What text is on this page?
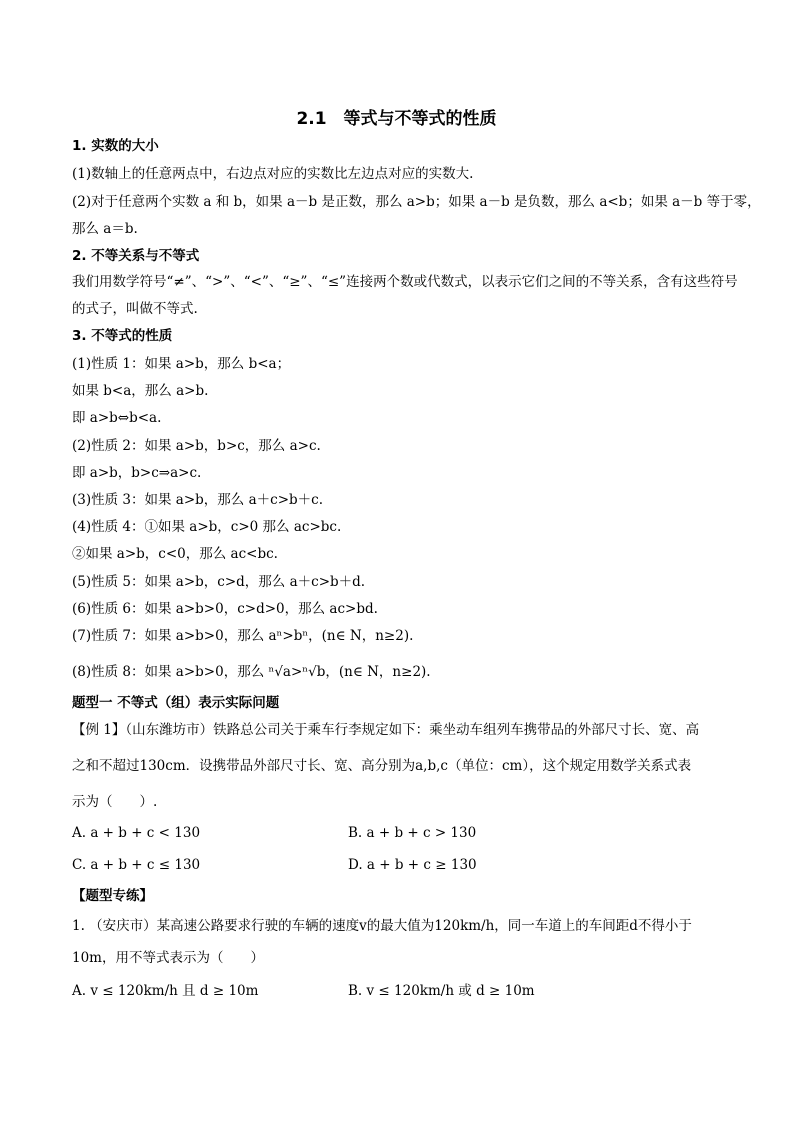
2.1　等式与不等式的性质
1. 实数的大小
(1)数轴上的任意两点中，右边点对应的实数比左边点对应的实数大.
(2)对于任意两个实数 a 和 b，如果 a－b 是正数，那么 a>b；如果 a－b 是负数，那么 a<b；如果 a－b 等于零，
那么 a＝b.
2. 不等关系与不等式
我们用数学符号“≠”、“>”、“<”、“≥”、“≤”连接两个数或代数式，以表示它们之间的不等关系，含有这些符号
的式子，叫做不等式.
3. 不等式的性质
(1)性质 1：如果 a>b，那么 b<a；
如果 b<a，那么 a>b.
即 a>b⇔b<a.
(2)性质 2：如果 a>b，b>c，那么 a>c.
即 a>b，b>c⇒a>c.
(3)性质 3：如果 a>b，那么 a＋c>b＋c.
(4)性质 4：①如果 a>b，c>0 那么 ac>bc.
②如果 a>b，c<0，那么 ac<bc.
(5)性质 5：如果 a>b，c>d，那么 a＋c>b＋d.
(6)性质 6：如果 a>b>0，c>d>0，那么 ac>bd.
(7)性质 7：如果 a>b>0，那么 aⁿ>bⁿ，(n∈ N，n≥2).
(8)性质 8：如果 a>b>0，那么 ⁿ√a>ⁿ√b，(n∈ N，n≥2).
题型一 不等式（组）表示实际问题
【例 1】（山东潍坊市）铁路总公司关于乘车行李规定如下：乘坐动车组列车携带品的外部尺寸长、宽、高
之和不超过130cm．设携带品外部尺寸长、宽、高分别为a,b,c（单位：cm），这个规定用数学关系式表
示为（　　）.
A. a + b + c < 130	B. a + b + c > 130
C. a + b + c ≤ 130	D. a + b + c ≥ 130
【题型专练】
1. （安庆市）某高速公路要求行驶的车辆的速度v的最大值为120km/h，同一车道上的车间距d不得小于
10m，用不等式表示为（　　）
A. v ≤ 120km/h 且 d ≥ 10m	B. v ≤ 120km/h 或 d ≥ 10m
